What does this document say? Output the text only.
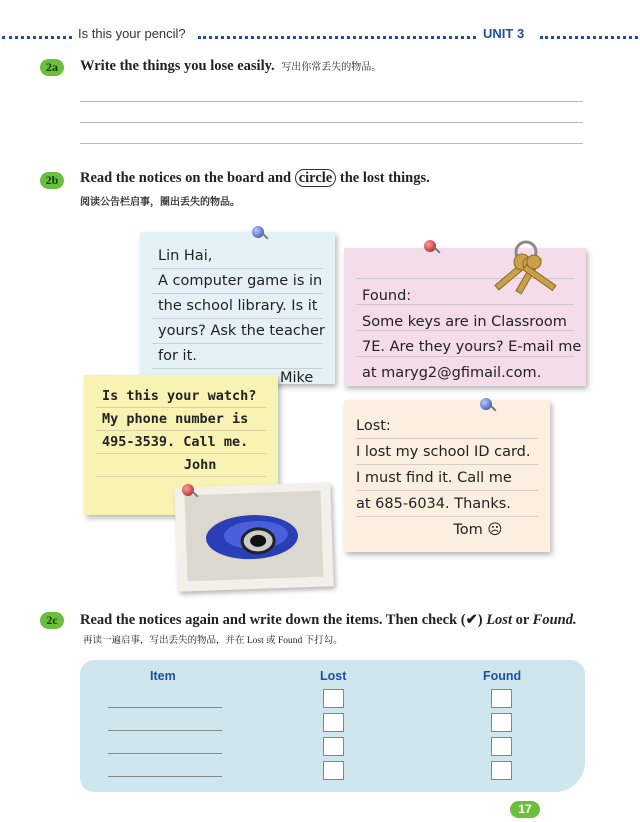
Is this your pencil?	UNIT 3
2a	Write the things you lose easily. 写出你常丢失的物品。
2b	Read the notices on the board and circle the lost things.
阅读公告栏启事，圈出丢失的物品。
Lin Hai,
A computer game is in
the school library. Is it
yours? Ask the teacher
for it.
Mike
Found:
Some keys are in Classroom
7E. Are they yours? E-mail me
at maryg2@gfimail.com.
Is this your watch?
My phone number is
495-3539. Call me.

John
Lost:
I lost my school ID card.
I must find it. Call me
at 685-6034. Thanks.

Tom ☹
2c	Read the notices again and write down the items. Then check (✔) Lost or Found. 再读一遍启事，写出丢失的物品，并在 Lost 或 Found 下打勾。
Item	Lost	Found
17
